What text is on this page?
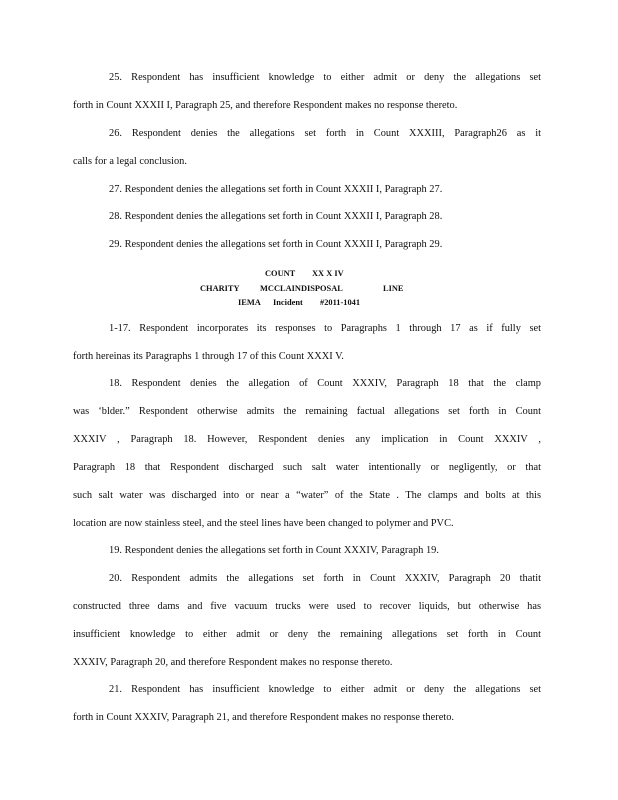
25. Respondent has insufficient knowledge to either admit or deny the allegations set
forth in Count XXXII I, Paragraph 25, and therefore Respondent makes no response thereto.
26. Respondent denies the allegations set forth in Count XXXIII, Paragraph26 as it
calls for a legal conclusion.
27. Respondent denies the allegations set forth in Count XXXII I, Paragraph 27.
28. Respondent denies the allegations set forth in Count XXXII I, Paragraph 28.
29. Respondent denies the allegations set forth in Count XXXII I, Paragraph 29.
COUNT XX X IV
CHARITY MCCLAINDISPOSAL	LINE
IEMA Incident #2011-1041
1-17. Respondent incorporates its responses to Paragraphs 1 through 17 as if fully set
forth hereinas its Paragraphs 1 through 17 of this Count XXXI V.
18. Respondent denies the allegation of Count XXXIV, Paragraph 18 that the clamp
was ‘blder.” Respondent otherwise admits the remaining factual allegations set forth in Count
XXXIV , Paragraph 18. However, Respondent denies any implication in Count XXXIV ,
Paragraph 18 that Respondent discharged such salt water intentionally or negligently, or that
such salt water was discharged into or near a “water” of the State . The clamps and bolts at this
location are now stainless steel, and the steel lines have been changed to polymer and PVC.
19. Respondent denies the allegations set forth in Count XXXIV, Paragraph 19.
20. Respondent admits the allegations set forth in Count XXXIV, Paragraph 20 thatit
constructed three dams and five vacuum trucks were used to recover liquids, but otherwise has
insufficient knowledge to either admit or deny the remaining allegations set forth in Count
XXXIV, Paragraph 20, and therefore Respondent makes no response thereto.
21. Respondent has insufficient knowledge to either admit or deny the allegations set
forth in Count XXXIV, Paragraph 21, and therefore Respondent makes no response thereto.
